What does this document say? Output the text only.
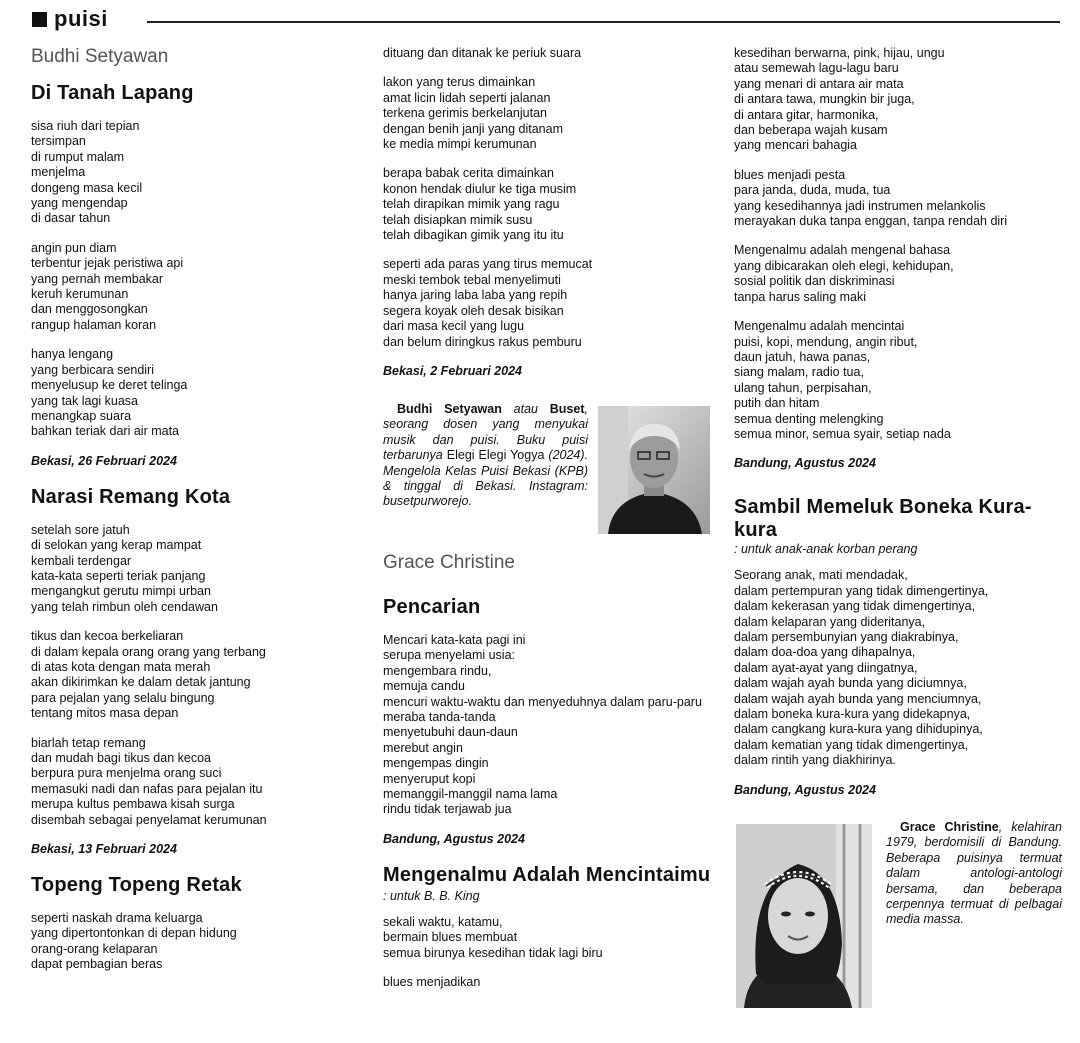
puisi
Budhi Setyawan
Di Tanah Lapang
sisa riuh dari tepian
tersimpan
di rumput malam
menjelma
dongeng masa kecil
yang mengendap
di dasar tahun
angin pun diam
terbentur jejak peristiwa api
yang pernah membakar
keruh kerumunan
dan menggosongkan
rangup halaman koran
hanya lengang
yang berbicara sendiri
menyelusup ke deret telinga
yang tak lagi kuasa
menangkap suara
bahkan teriak dari air mata
Bekasi, 26 Februari 2024
Narasi Remang Kota
setelah sore jatuh
di selokan yang kerap mampat
kembali terdengar
kata-kata seperti teriak panjang
mengangkut gerutu mimpi urban
yang telah rimbun oleh cendawan
tikus dan kecoa berkeliaran
di dalam kepala orang orang yang terbang
di atas kota dengan mata merah
akan dikirimkan ke dalam detak jantung
para pejalan yang selalu bingung
tentang mitos masa depan
biarlah tetap remang
dan mudah bagi tikus dan kecoa
berpura pura menjelma orang suci
memasuki nadi dan nafas para pejalan itu
merupa kultus pembawa kisah surga
disembah sebagai penyelamat kerumunan
Bekasi, 13 Februari 2024
Topeng Topeng Retak
seperti naskah drama keluarga
yang dipertontonkan di depan hidung
orang-orang kelaparan
dapat pembagian beras
dituang dan ditanak ke periuk suara
lakon yang terus dimainkan
amat licin lidah seperti jalanan
terkena gerimis berkelanjutan
dengan benih janji yang ditanam
ke media mimpi kerumunan
berapa babak cerita dimainkan
konon hendak diulur ke tiga musim
telah dirapikan mimik yang ragu
telah disiapkan mimik susu
telah dibagikan gimik yang itu itu
seperti ada paras yang tirus memucat
meski tembok tebal menyelimuti
hanya jaring laba laba yang repih
segera koyak oleh desak bisikan
dari masa kecil yang lugu
dan belum diringkus rakus pemburu
Bekasi, 2 Februari 2024
Budhi Setyawan atau Buset, seorang dosen yang menyukai musik dan puisi. Buku puisi terbarunya Elegi Elegi Yogya (2024). Mengelola Kelas Puisi Bekasi (KPB) & tinggal di Bekasi. Instagram: busetpurworejo.
Grace Christine
Pencarian
Mencari kata-kata pagi ini
serupa menyelami usia:
mengembara rindu,
memuja candu
mencuri waktu-waktu dan menyeduhnya dalam paru-paru
meraba tanda-tanda
menyetubuhi daun-daun
merebut angin
mengempas dingin
menyeruput kopi
memanggil-manggil nama lama
rindu tidak terjawab jua
Bandung, Agustus 2024
Mengenalmu Adalah Mencintaimu
: untuk B. B. King
sekali waktu, katamu,
bermain blues membuat
semua birunya kesedihan tidak lagi biru
blues menjadikan
kesedihan berwarna, pink, hijau, ungu
atau semewah lagu-lagu baru
yang menari di antara air mata
di antara tawa, mungkin bir juga,
di antara gitar, harmonika,
dan beberapa wajah kusam
yang mencari bahagia
blues menjadi pesta
para janda, duda, muda, tua
yang kesedihannya jadi instrumen melankolis
merayakan duka tanpa enggan, tanpa rendah diri
Mengenalmu adalah mengenal bahasa
yang dibicarakan oleh elegi, kehidupan,
sosial politik dan diskriminasi
tanpa harus saling maki
Mengenalmu adalah mencintai
puisi, kopi, mendung, angin ribut,
daun jatuh, hawa panas,
siang malam, radio tua,
ulang tahun, perpisahan,
putih dan hitam
semua denting melengking
semua minor, semua syair, setiap nada
Bandung, Agustus 2024
Sambil Memeluk Boneka Kura-kura
: untuk anak-anak korban perang
Seorang anak, mati mendadak,
dalam pertempuran yang tidak dimengertinya,
dalam kekerasan yang tidak dimengertinya,
dalam kelaparan yang dideritanya,
dalam persembunyian yang diakrabinya,
dalam doa-doa yang dihapalnya,
dalam ayat-ayat yang diingatnya,
dalam wajah ayah bunda yang diciumnya,
dalam wajah ayah bunda yang menciumnya,
dalam boneka kura-kura yang didekapnya,
dalam cangkang kura-kura yang dihidupinya,
dalam kematian yang tidak dimengertinya,
dalam rintih yang diakhirinya.
Bandung, Agustus 2024
Grace Christine, kelahiran 1979, berdomisili di Bandung. Beberapa puisinya termuat dalam antologi-antologi bersama, dan beberapa cerpennya termuat di pelbagai media massa.
